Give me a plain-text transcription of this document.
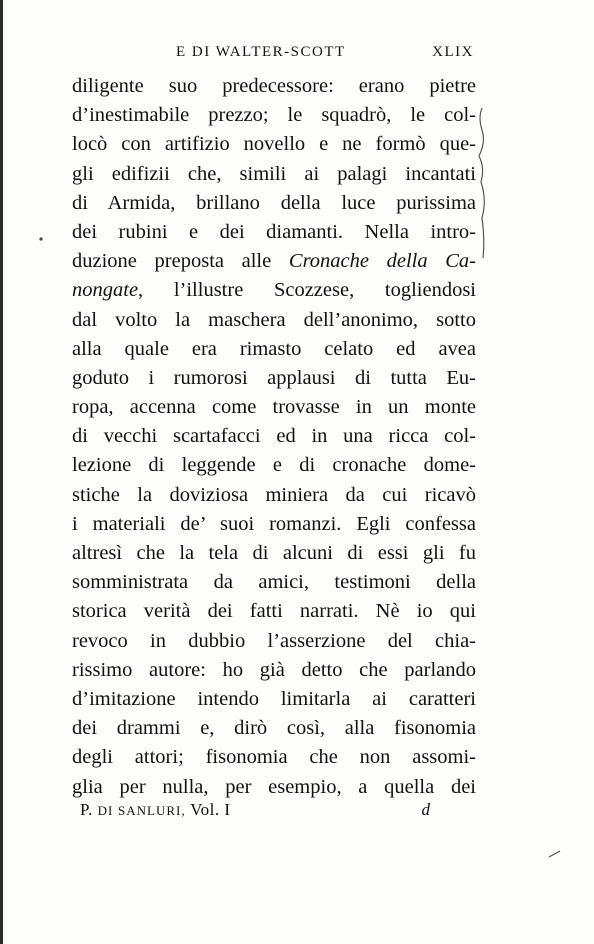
E DI WALTER-SCOTT	XLIX
diligente suo predecessore: erano pietre
d’inestimabile prezzo; le squadrò, le col-
locò con artifizio novello e ne formò que-
gli edifizii che, simili ai palagi incantati
di Armida, brillano della luce purissima
dei rubini e dei diamanti. Nella intro-
duzione preposta alle Cronache della Ca-
nongate, l’illustre Scozzese, togliendosi
dal volto la maschera dell’anonimo, sotto
alla quale era rimasto celato ed avea
goduto i rumorosi applausi di tutta Eu-
ropa, accenna come trovasse in un monte
di vecchi scartafacci ed in una ricca col-
lezione di leggende e di cronache dome-
stiche la doviziosa miniera da cui ricavò
i materiali de’ suoi romanzi. Egli confessa
altresì che la tela di alcuni di essi gli fu
somministrata da amici, testimoni della
storica verità dei fatti narrati. Nè io qui
revoco in dubbio l’asserzione del chia-
rissimo autore: ho già detto che parlando
d’imitazione intendo limitarla ai caratteri
dei drammi e, dirò così, alla fisonomia
degli attori; fisonomia che non assomi-
glia per nulla, per esempio, a quella dei
P. DI SANLURI, Vol. I	d
